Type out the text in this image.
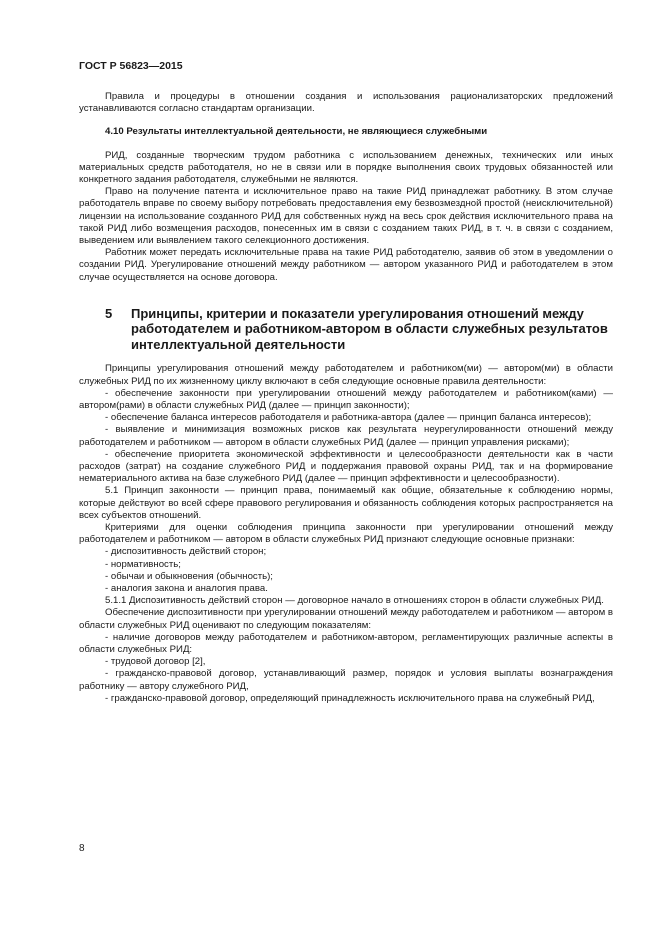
ГОСТ Р 56823—2015

Правила и процедуры в отношении создания и использования рационализаторских предложений устанавливаются согласно стандартам организации.

4.10 Результаты интеллектуальной деятельности, не являющиеся служебными

РИД, созданные творческим трудом работника с использованием денежных, технических или иных материальных средств работодателя, но не в связи или в порядке выполнения своих трудовых обязанностей или конкретного задания работодателя, служебными не являются.

Право на получение патента и исключительное право на такие РИД принадлежат работнику. В этом случае работодатель вправе по своему выбору потребовать предоставления ему безвозмездной простой (неисключительной) лицензии на использование созданного РИД для собственных нужд на весь срок действия исключительного права на такой РИД либо возмещения расходов, понесенных им в связи с созданием таких РИД, в т. ч. в связи с созданием, выведением или выявлением такого селекционного достижения.

Работник может передать исключительные права на такие РИД работодателю, заявив об этом в уведомлении о создании РИД. Урегулирование отношений между работником — автором указанного РИД и работодателем в этом случае осуществляется на основе договора.

5	Принципы, критерии и показатели урегулирования отношений между работодателем и работником-автором в области служебных результатов интеллектуальной деятельности

Принципы урегулирования отношений между работодателем и работником(ми) — автором(ми) в области служебных РИД по их жизненному циклу включают в себя следующие основные правила деятельности:

- обеспечение законности при урегулировании отношений между работодателем и работником(ками) — автором(рами) в области служебных РИД (далее — принцип законности);

- обеспечение баланса интересов работодателя и работника-автора (далее — принцип баланса интересов);

- выявление и минимизация возможных рисков как результата неурегулированности отношений между работодателем и работником — автором в области служебных РИД (далее — принцип управления рисками);

- обеспечение приоритета экономической эффективности и целесообразности деятельности как в части расходов (затрат) на создание служебного РИД и поддержания правовой охраны РИД, так и на формирование нематериального актива на базе служебного РИД (далее — принцип эффективности и целесообразности).

5.1 Принцип законности — принцип права, понимаемый как общие, обязательные к соблюдению нормы, которые действуют во всей сфере правового регулирования и обязанность соблюдения которых распространяется на всех субъектов отношений.

Критериями для оценки соблюдения принципа законности при урегулировании отношений между работодателем и работником — автором в области служебных РИД признают следующие основные признаки:

- диспозитивность действий сторон;

- нормативность;

- обычаи и обыкновения (обычность);

- аналогия закона и аналогия права.

5.1.1 Диспозитивность действий сторон — договорное начало в отношениях сторон в области служебных РИД.

Обеспечение диспозитивности при урегулировании отношений между работодателем и работником — автором в области служебных РИД оценивают по следующим показателям:

- наличие договоров между работодателем и работником-автором, регламентирующих различные аспекты в области служебных РИД:

- трудовой договор [2],

- гражданско-правовой договор, устанавливающий размер, порядок и условия выплаты вознаграждения работнику — автору служебного РИД,

- гражданско-правовой договор, определяющий принадлежность исключительного права на служебный РИД,

8
